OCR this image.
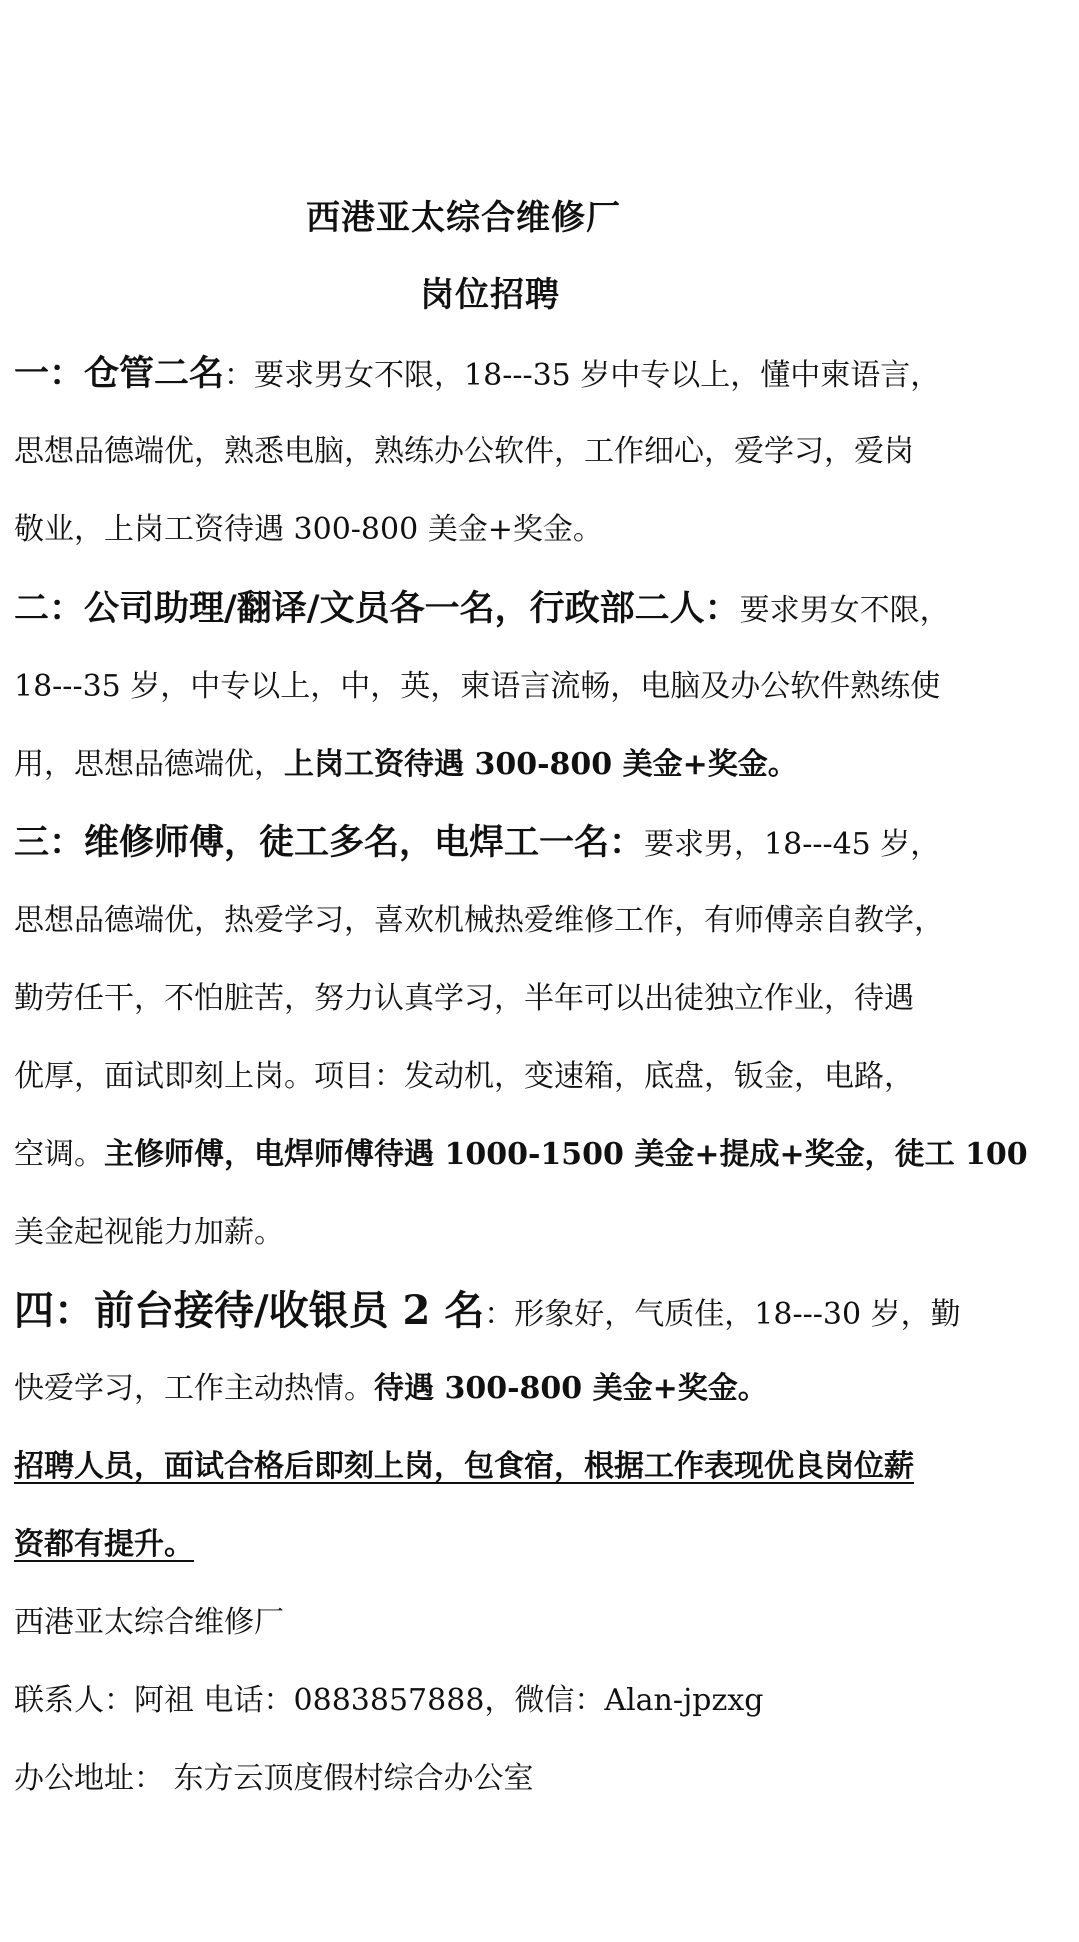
西港亚太综合维修厂
岗位招聘
一：仓管二名：要求男女不限，18---35 岁中专以上，懂中柬语言，
思想品德端优，熟悉电脑，熟练办公软件，工作细心，爱学习，爱岗
敬业，上岗工资待遇 300-800 美金+奖金。
二：公司助理/翻译/文员各一名，行政部二人：要求男女不限，
18---35 岁，中专以上，中，英，柬语言流畅，电脑及办公软件熟练使
用，思想品德端优，上岗工资待遇 300-800 美金+奖金。
三：维修师傅，徒工多名，电焊工一名：要求男，18---45 岁，
思想品德端优，热爱学习，喜欢机械热爱维修工作，有师傅亲自教学，
勤劳任干，不怕脏苦，努力认真学习，半年可以出徒独立作业，待遇
优厚，面试即刻上岗。项目：发动机，变速箱，底盘，钣金，电路，
空调。主修师傅，电焊师傅待遇 1000-1500 美金+提成+奖金，徒工 100
美金起视能力加薪。
四：前台接待/收银员 2 名：形象好，气质佳，18---30 岁，勤
快爱学习，工作主动热情。待遇 300-800 美金+奖金。
招聘人员，面试合格后即刻上岗，包食宿，根据工作表现优良岗位薪
资都有提升。
西港亚太综合维修厂
联系人：阿祖 电话：0883857888，微信：Alan-jpzxg
办公地址： 东方云顶度假村综合办公室
